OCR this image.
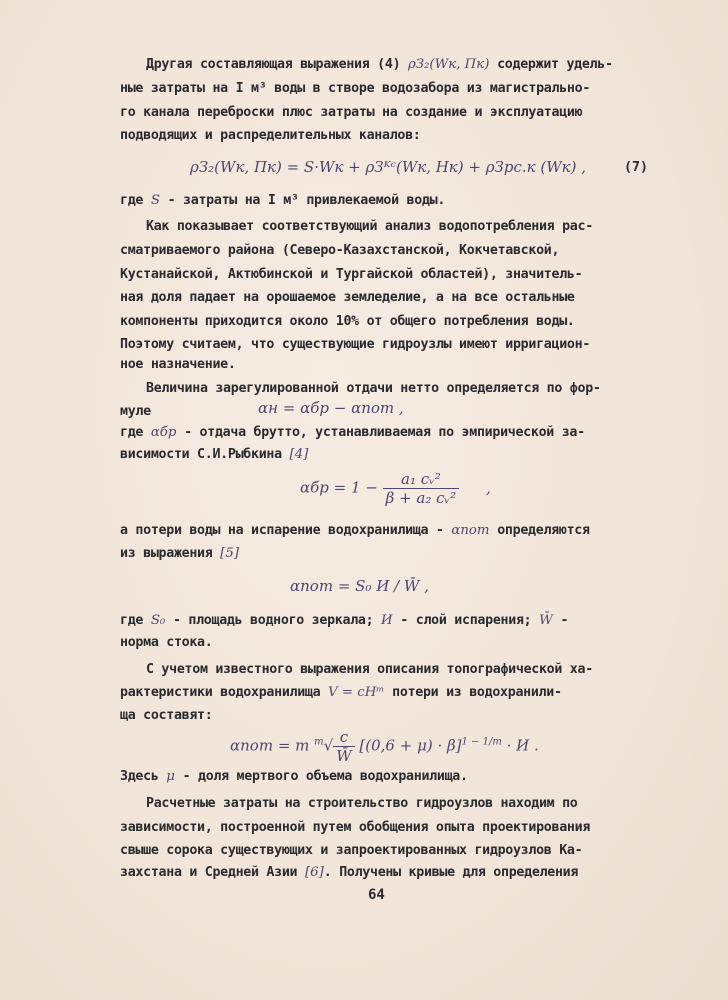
Другая составляющая выражения (4) ρЗ₂(Wк, Πк) содержит удель-
ные затраты на I м³ воды в створе водозабора из магистрально-
го канала переброски плюс затраты на создание и эксплуатацию
подводящих и распределительных каналов:
ρЗ₂(Wк, Πк) = S·Wк + ρЗᴷᶜ(Wк, Hк) + ρЗрс.к (Wк) ,	(7)
где S - затраты на I м³ привлекаемой воды.
Как показывает соответствующий анализ водопотребления рас-
сматриваемого района (Северо-Казахстанской, Кокчетавской,
Кустанайской, Актюбинской и Тургайской областей), значитель-
ная доля падает на орошаемое земледелие, а на все остальные
компоненты приходится около 10% от общего потребления воды.
Поэтому считаем, что существующие гидроузлы имеют ирригацион-
ное назначение.
Величина зарегулированной отдачи нетто определяется по фор-
муле	αн = αбр − αпот ,
где αбр - отдача брутто, устанавливаемая по эмпирической за-
висимости С.И.Рыбкина [4]
$\alpha бр = 1 - \frac{\text{a₁ cᵥ²}}{\text{β + a₂ cᵥ²}}$ ,
а потери воды на испарение водохранилища - αпот определяются
из выражения [5]
αпот = S₀ И / W̄ ,
где S₀ - площадь водного зеркала; И - слой испарения; W̄ -
норма стока.
С учетом известного выражения описания топографической ха-
рактеристики водохранилища V = cHᵐ потери из водохранили-
ща составят:
αпот = m $^m√ \frac{c}{W̄} [(0,6 + \mu) \cdot \beta]^{1 - 1/m} \cdot И$ .
Здесь μ - доля мертвого объема водохранилища.
Расчетные затраты на строительство гидроузлов находим по
зависимости, построенной путем обобщения опыта проектирования
свыше сорока существующих и запроектированных гидроузлов Ка-
захстана и Средней Азии [6]. Получены кривые для определения
64
